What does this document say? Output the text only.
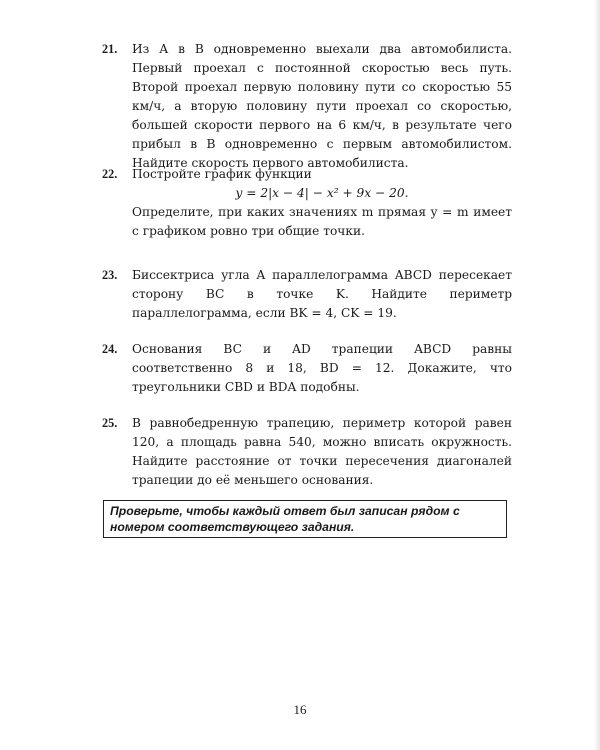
21.	Из А в В одновременно выехали два автомобилиста. Первый проехал с постоянной скоростью весь путь. Второй проехал первую половину пути со скоростью 55 км/ч, а вторую половину пути проехал со скоростью, большей скорости первого на 6 км/ч, в результате чего прибыл в В одновременно с первым автомобилистом. Найдите скорость первого автомобилиста.

22.	Постройте график функции

y = 2|x − 4| − x² + 9x − 20.

Определите, при каких значениях m прямая y = m имеет с графиком ровно три общие точки.

23.	Биссектриса угла A параллелограмма ABCD пересекает сторону BC в точке K. Найдите периметр параллелограмма, если BK = 4, CK = 19.

24.	Основания BC и AD трапеции ABCD равны соответственно 8 и 18, BD = 12. Докажите, что треугольники CBD и BDA подобны.

25.	В равнобедренную трапецию, периметр которой равен 120, а площадь равна 540, можно вписать окружность. Найдите расстояние от точки пересечения диагоналей трапеции до её меньшего основания.

Проверьте, чтобы каждый ответ был записан рядом с номером соответствующего задания.
16
